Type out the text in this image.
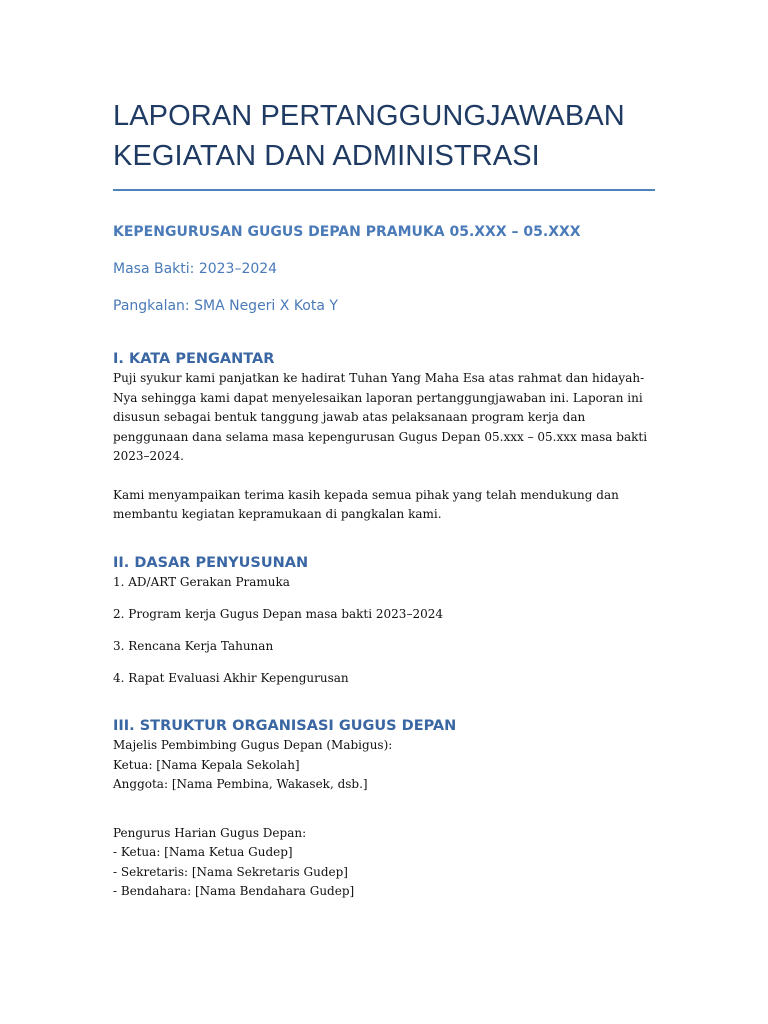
LAPORAN PERTANGGUNGJAWABAN
KEGIATAN DAN ADMINISTRASI
KEPENGURUSAN GUGUS DEPAN PRAMUKA 05.XXX – 05.XXX
Masa Bakti: 2023–2024
Pangkalan: SMA Negeri X Kota Y
I. KATA PENGANTAR

Puji syukur kami panjatkan ke hadirat Tuhan Yang Maha Esa atas rahmat dan hidayah-Nya sehingga kami dapat menyelesaikan laporan pertanggungjawaban ini. Laporan ini disusun sebagai bentuk tanggung jawab atas pelaksanaan program kerja dan penggunaan dana selama masa kepengurusan Gugus Depan 05.xxx – 05.xxx masa bakti 2023–2024.

Kami menyampaikan terima kasih kepada semua pihak yang telah mendukung dan membantu kegiatan kepramukaan di pangkalan kami.

II. DASAR PENYUSUNAN
1. AD/ART Gerakan Pramuka
2. Program kerja Gugus Depan masa bakti 2023–2024
3. Rencana Kerja Tahunan
4. Rapat Evaluasi Akhir Kepengurusan
III. STRUKTUR ORGANISASI GUGUS DEPAN
Majelis Pembimbing Gugus Depan (Mabigus):
Ketua: [Nama Kepala Sekolah]
Anggota: [Nama Pembina, Wakasek, dsb.]
Pengurus Harian Gugus Depan:
- Ketua: [Nama Ketua Gudep]
- Sekretaris: [Nama Sekretaris Gudep]
- Bendahara: [Nama Bendahara Gudep]
